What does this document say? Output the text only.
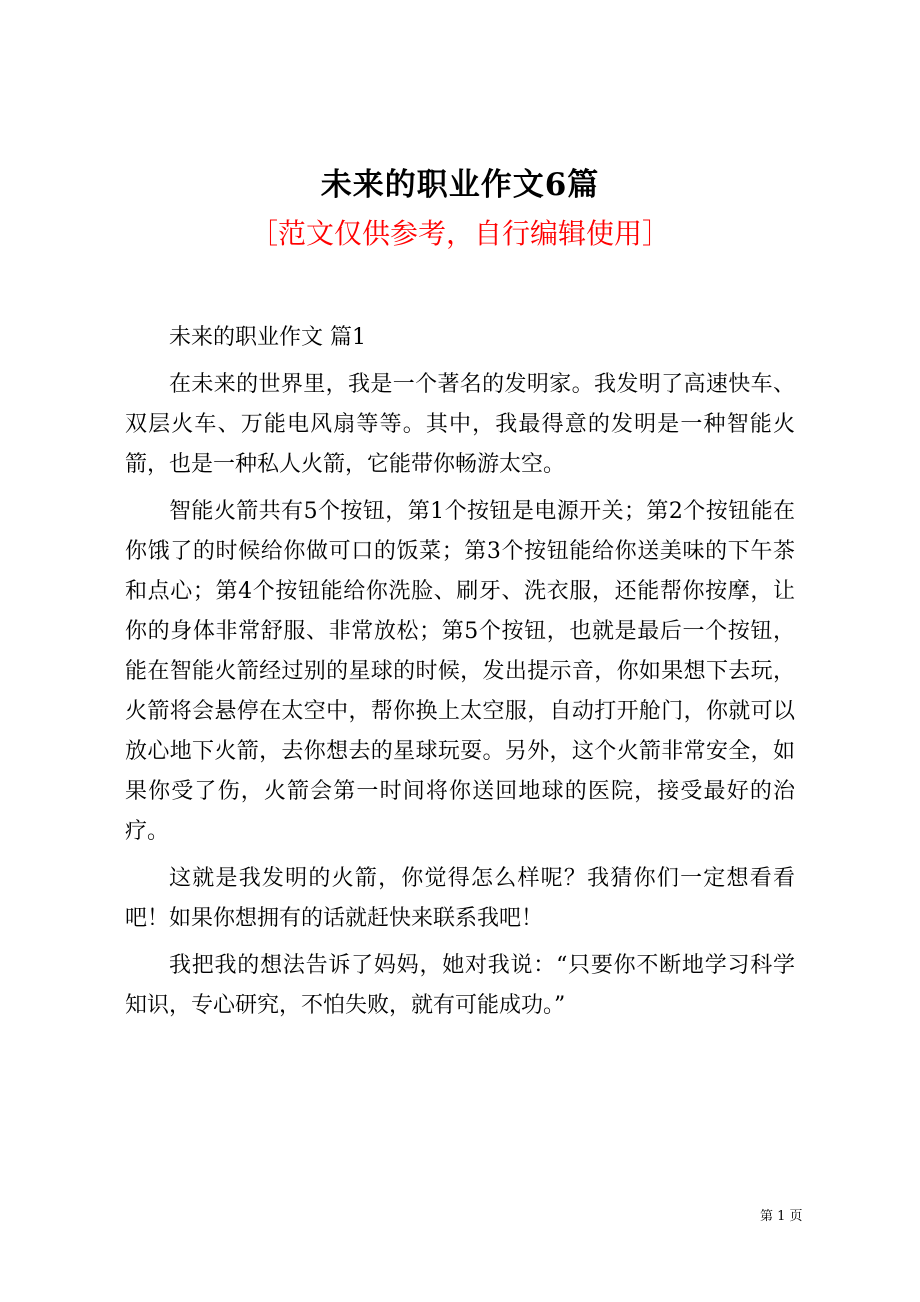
未来的职业作文6篇
［范文仅供参考，自行编辑使用］

未来的职业作文 篇1

在未来的世界里，我是一个著名的发明家。我发明了高速快车、双层火车、万能电风扇等等。其中，我最得意的发明是一种智能火箭，也是一种私人火箭，它能带你畅游太空。

智能火箭共有5个按钮，第1个按钮是电源开关；第2个按钮能在你饿了的时候给你做可口的饭菜；第3个按钮能给你送美味的下午茶和点心；第4个按钮能给你洗脸、刷牙、洗衣服，还能帮你按摩，让你的身体非常舒服、非常放松；第5个按钮，也就是最后一个按钮，能在智能火箭经过别的星球的时候，发出提示音，你如果想下去玩，火箭将会悬停在太空中，帮你换上太空服，自动打开舱门，你就可以放心地下火箭，去你想去的星球玩耍。另外，这个火箭非常安全，如果你受了伤，火箭会第一时间将你送回地球的医院，接受最好的治疗。

这就是我发明的火箭，你觉得怎么样呢？我猜你们一定想看看吧！如果你想拥有的话就赶快来联系我吧！

我把我的想法告诉了妈妈，她对我说：“只要你不断地学习科学知识，专心研究，不怕失败，就有可能成功。”

第 1 页
